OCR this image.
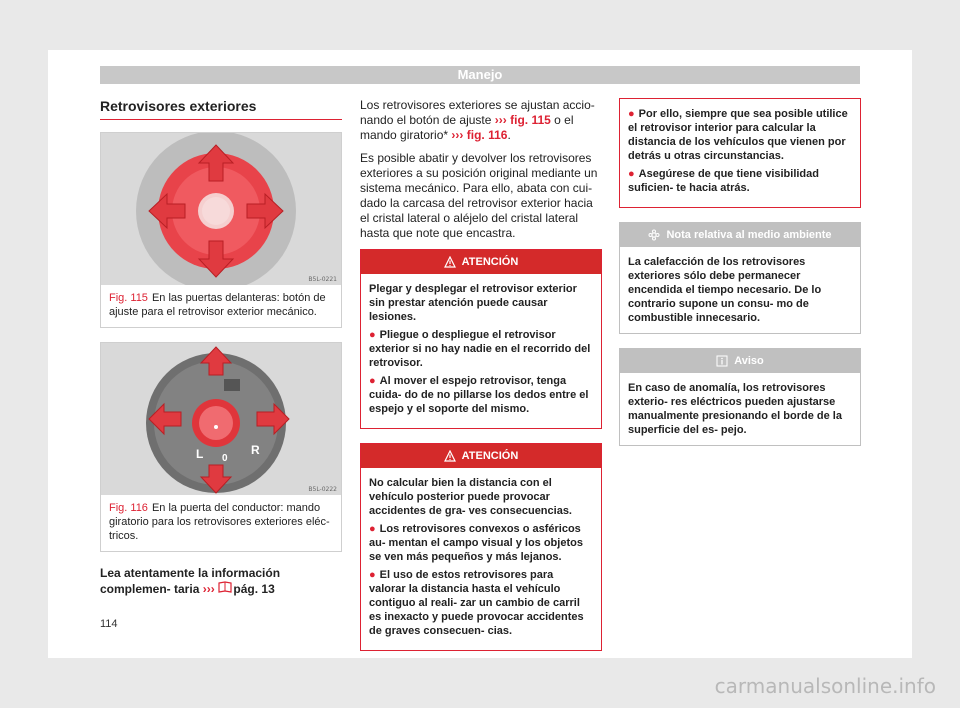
Manejo
Retrovisores exteriores
B5L-0221
Fig. 115 En las puertas delanteras: botón de ajuste para el retrovisor exterior mecánico.
L 0
R
B5L-0222
Fig. 116 En la puerta del conductor: mando giratorio para los retrovisores exteriores eléc- tricos.
Lea atentamente la información complemen- taria ››› pág. 13

Los retrovisores exteriores se ajustan accio- nando el botón de ajuste ››› fig. 115 o el mando giratorio* ››› fig. 116.

Es posible abatir y devolver los retrovisores exteriores a su posición original mediante un sistema mecánico. Para ello, abata con cui- dado la carcasa del retrovisor exterior hacia el cristal lateral o aléjelo del cristal lateral hasta que note que encastra.

ATENCIÓN
Plegar y desplegar el retrovisor exterior sin prestar atención puede causar lesiones.
● Pliegue o despliegue el retrovisor exterior si no hay nadie en el recorrido del retrovisor.
● Al mover el espejo retrovisor, tenga cuida- do de no pillarse los dedos entre el espejo y el soporte del mismo.
ATENCIÓN
No calcular bien la distancia con el vehículo posterior puede provocar accidentes de gra- ves consecuencias.
● Los retrovisores convexos o asféricos au- mentan el campo visual y los objetos se ven más pequeños y más lejanos.
● El uso de estos retrovisores para valorar la distancia hasta el vehículo contiguo al reali- zar un cambio de carril es inexacto y puede provocar accidentes de graves consecuen- cias.
● Por ello, siempre que sea posible utilice el retrovisor interior para calcular la distancia de los vehículos que vienen por detrás u otras circunstancias.
● Asegúrese de que tiene visibilidad suficien- te hacia atrás.
Nota relativa al medio ambiente
La calefacción de los retrovisores exteriores sólo debe permanecer encendida el tiempo necesario. De lo contrario supone un consu- mo de combustible innecesario.
Aviso
En caso de anomalía, los retrovisores exterio- res eléctricos pueden ajustarse manualmente presionando el borde de la superficie del es- pejo.
114
carmanualsonline.info
